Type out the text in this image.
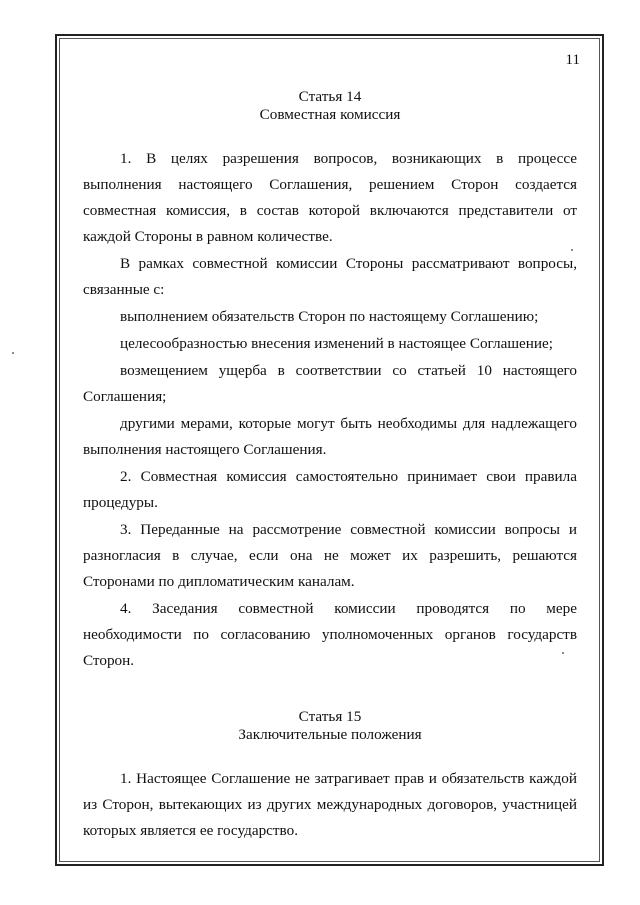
11
Статья 14
Совместная комиссия

1. В целях разрешения вопросов, возникающих в процессе выполнения настоящего Соглашения, решением Сторон создается совместная комиссия, в состав которой включаются представители от каждой Стороны в равном количестве.

В рамках совместной комиссии Стороны рассматривают вопросы, связанные с:

выполнением обязательств Сторон по настоящему Соглашению;

целесообразностью внесения изменений в настоящее Соглашение;

возмещением ущерба в соответствии со статьей 10 настоящего Соглашения;

другими мерами, которые могут быть необходимы для надлежащего выполнения настоящего Соглашения.

2. Совместная комиссия самостоятельно принимает свои правила процедуры.

3. Переданные на рассмотрение совместной комиссии вопросы и разногласия в случае, если она не может их разрешить, решаются Сторонами по дипломатическим каналам.

4. Заседания совместной комиссии проводятся по мере необходимости по согласованию уполномоченных органов государств Сторон.

Статья 15
Заключительные положения

1. Настоящее Соглашение не затрагивает прав и обязательств каждой из Сторон, вытекающих из других международных договоров, участницей которых является ее государство.
